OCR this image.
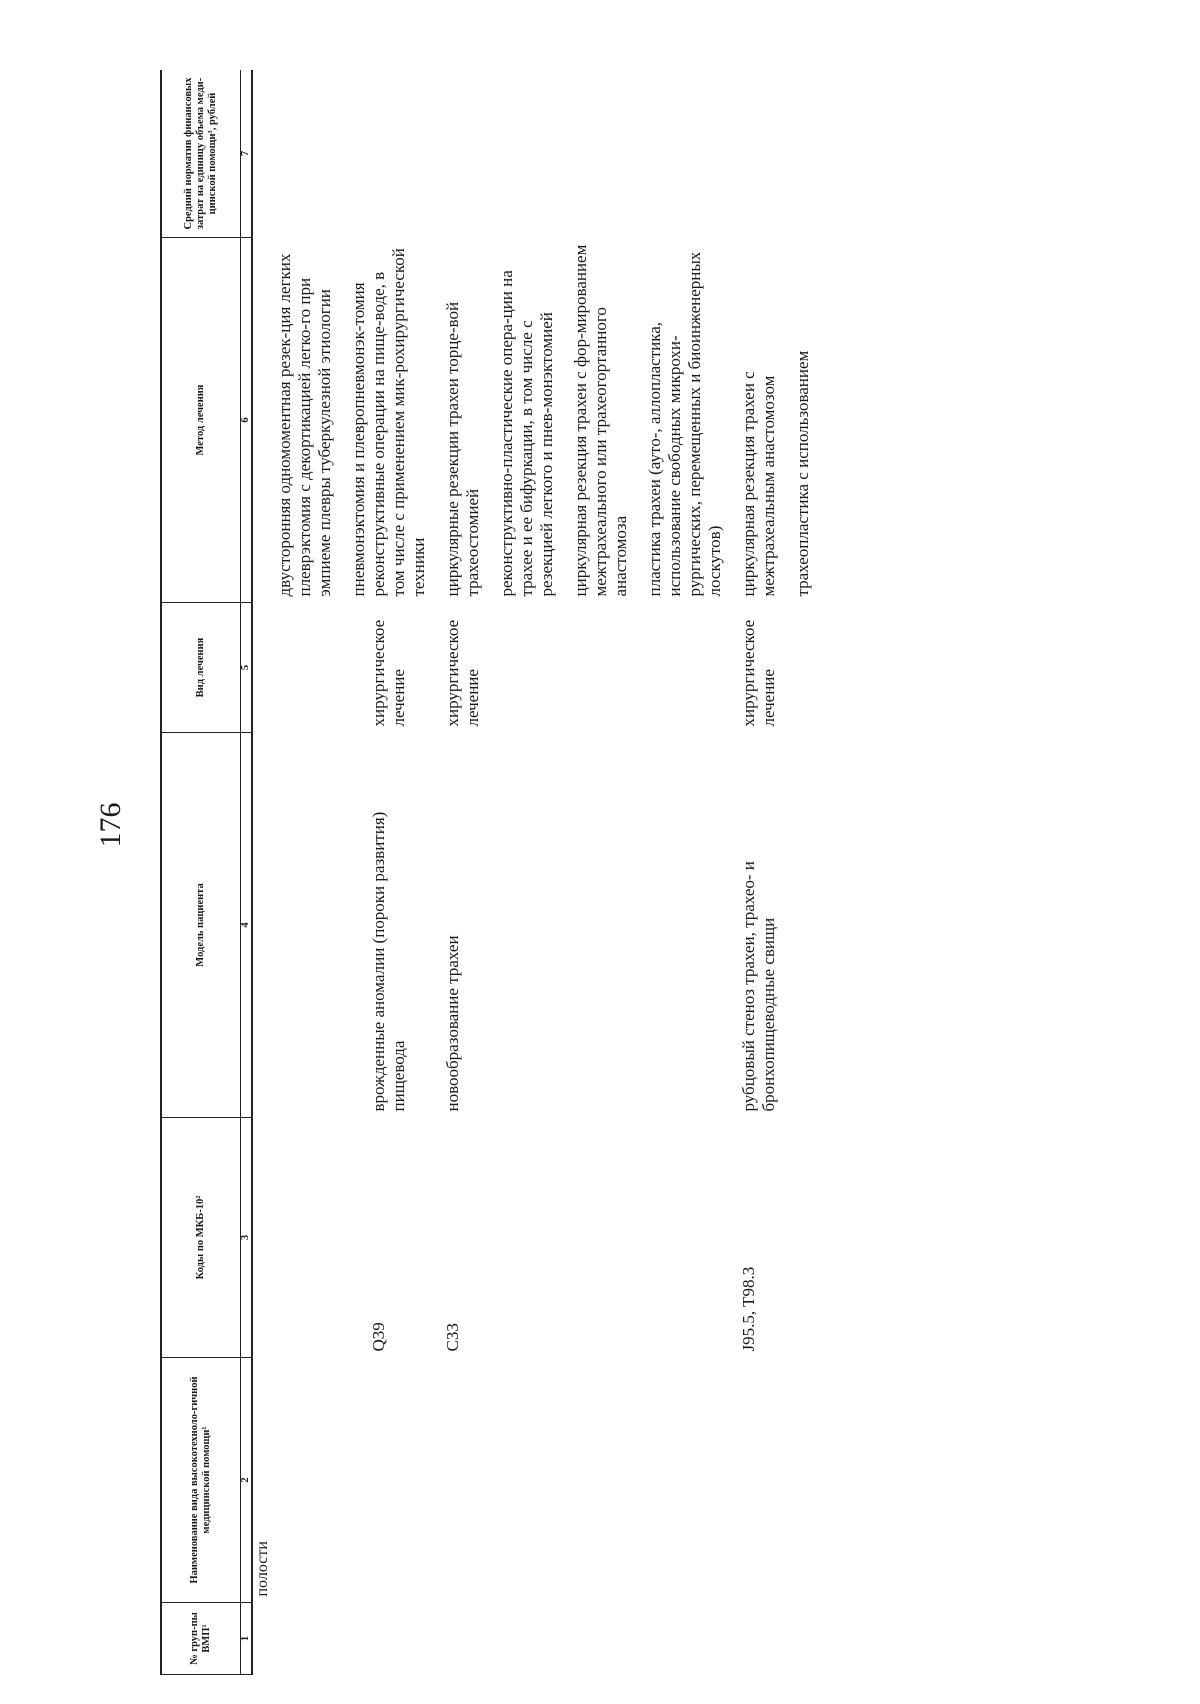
176
№ груп-пы ВМП¹	Наименование вида высокотехноло-гичной медицинской помощи¹	Коды по МКБ-10²	Модель пациента	Вид лечения	Метод лечения	Средний норматив финансовых затрат на единицу объема меди-цинской помощи³, рублей
1	2	3	4	5	6	7
	полости				двусторонняя одномоментная резек-ция легких плеврэктомия с декортикацией легко-го при эмпиеме плевры туберкулезной этиологии пневмонэктомия и плевропневмонэк-томия	

		Q39	врожденные аномалии (пороки развития) пищевода	хирургическое лечение	реконструктивные операции на пище-воде, в том числе с применением мик-рохирургической техники	

		C33	новообразование трахеи	хирургическое лечение	циркулярные резекции трахеи торце-вой трахеостомией реконструктивно-пластические опера-ции на трахее и ее бифуркации, в том числе с резекцией легкого и пнев-монэктомией циркулярная резекция трахеи с фор-мированием межтрахеального или трахеогортанного анастомоза пластика трахеи (ауто-, аллопластика, использование свободных микрохи-рургических, перемещенных и биоинженерных лоскутов)	

		J95.5, T98.3	рубцовый стеноз трахеи, трахео- и бронхопищеводные свищи	хирургическое лечение	циркулярная резекция трахеи с межтрахеальным анастомозом трахеопластика с использованием	
